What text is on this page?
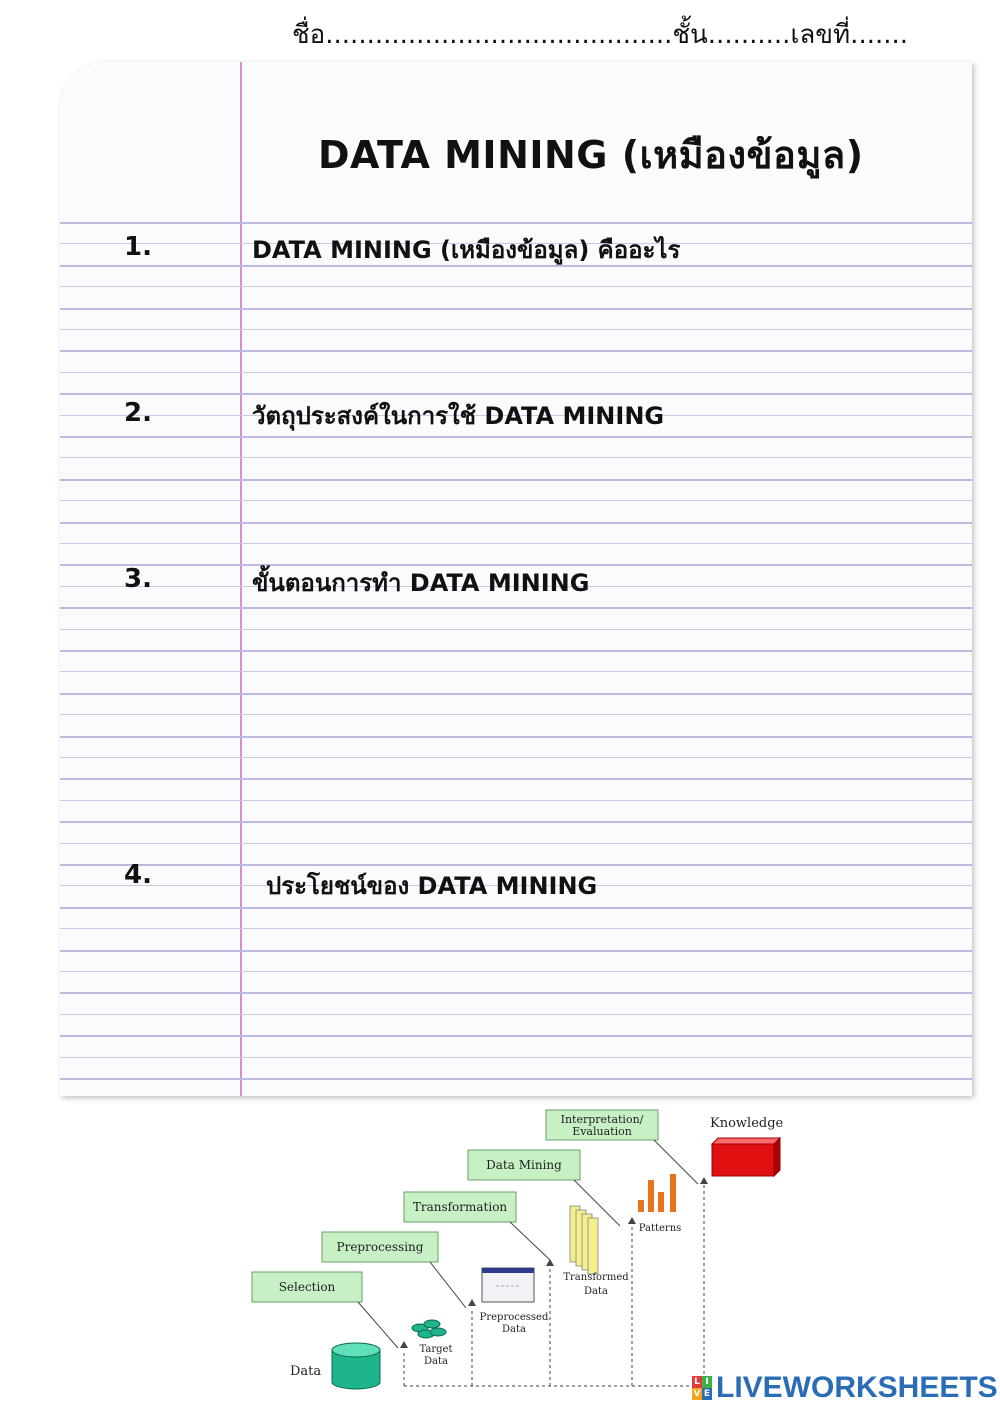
ชื่อ..........................................ชั้น..........เลขที่.......
DATA MINING (เหมืองข้อมูล)
1.	DATA MINING (เหมืองข้อมูล) คืออะไร
2.	วัตถุประสงค์ในการใช้ DATA MINING
3.	ขั้นตอนการทำ DATA MINING
4.	ประโยชน์ของ DATA MINING
Selection
Preprocessing
Transformation
Data Mining
Interpretation/
Evaluation
Data
Target
Data
Preprocessed
Data
Transformed
Data
Patterns
Knowledge
L I
V E LIVEWORKSHEETS
